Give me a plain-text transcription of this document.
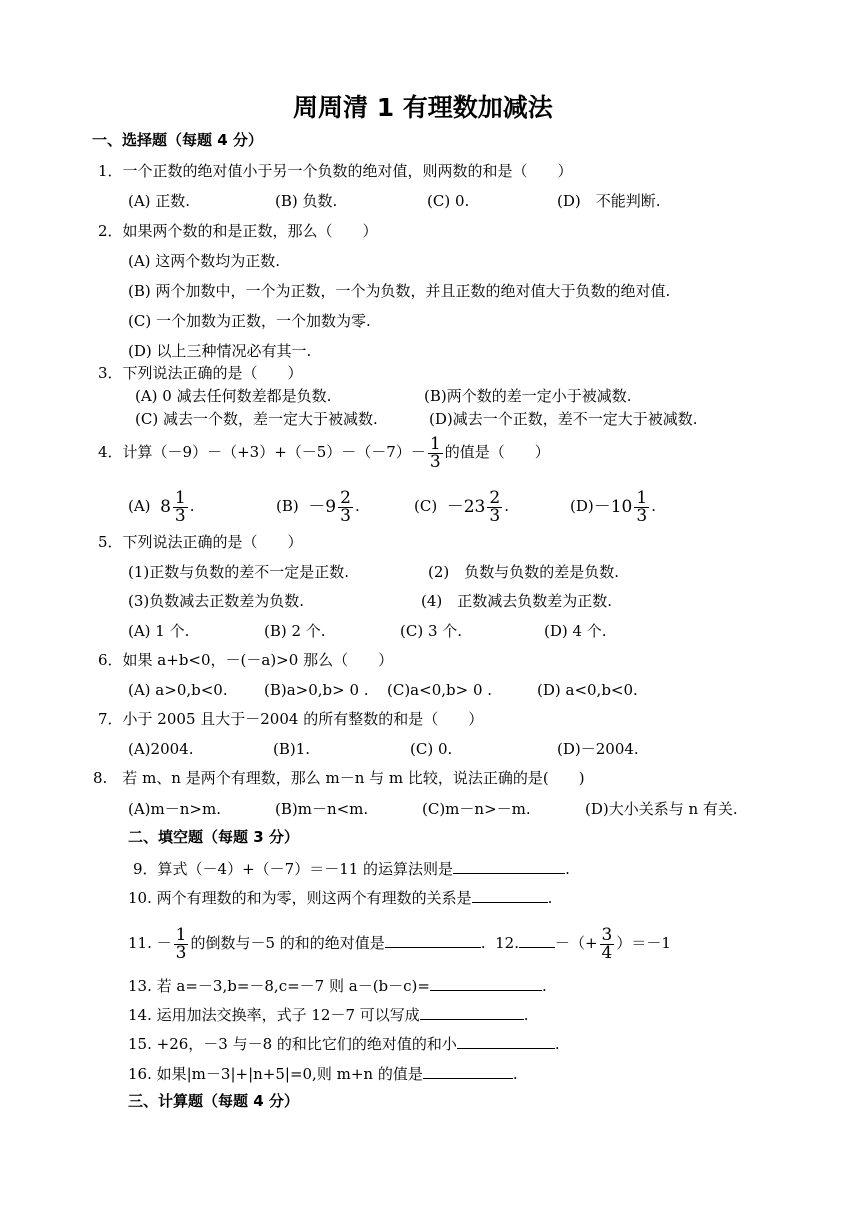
周周清 1 有理数加减法
一、选择题（每题 4 分）
1．一个正数的绝对值小于另一个负数的绝对值，则两数的和是（　　）
(A) 正数.	(B) 负数.	(C) 0.	(D)　不能判断.
2．如果两个数的和是正数，那么（　　）
(A) 这两个数均为正数.
(B) 两个加数中，一个为正数，一个为负数，并且正数的绝对值大于负数的绝对值.
(C) 一个加数为正数，一个加数为零.
(D) 以上三种情况必有其一.
3．下列说法正确的是（　　）
(A) 0 减去任何数差都是负数.	(B)两个数的差一定小于被减数.
(C) 减去一个数，差一定大于被减数.	(D)减去一个正数，差不一定大于被减数.
4．计算$(-9)-(+3)+(-5)-(-7)- \frac{1}{3}$ 的值是（　　）
(A) $8 \frac{1}{3}$ .	$(B) -9 \frac{2}{3}$ .	$(C) -23 \frac{2}{3}$ .	$(D)-10 \frac{1}{3}$ .
5．下列说法正确的是（　　）
(1)正数与负数的差不一定是正数.	(2)　负数与负数的差是负数.
(3)负数减去正数差为负数.	(4)　正数减去负数差为正数.
(A) 1 个.	(B) 2 个.	(C) 3 个.	(D) 4 个.
6．如果 a+b<0，－(－a)>0 那么（　　）
(A) a>0,b<0. (B)a>0,b> 0 . (C)a<0,b> 0 .	(D) a<0,b<0.
7．小于 2005 且大于－2004 的所有整数的和是（　　）
(A)2004.	(B)1.	(C) 0.	(D)－2004.
8.　若 m、n 是两个有理数，那么 m－n 与 m 比较，说法正确的是(　　)
(A)m－n>m.	(B)m－n<m.	(C)m－n>－m.	(D)大小关系与 n 有关.
二、填空题（每题 3 分）
9．算式（－4）+（－7）＝－11 的运算法则是	.
10. 两个有理数的和为零，则这两个有理数的关系是	.
11. － $\frac{1}{3}$ 的倒数与－5 的和的绝对值是	. 12. －（+ $\frac{3}{4} )=-1$
13. 若 a=－3,b=－8,c=－7 则 a－(b－c)=	.
14. 运用加法交换率，式子 12－7 可以写成	.
15. +26，－3 与－8 的和比它们的绝对值的和小	.
16. 如果|m－3|+|n+5|=0,则 m+n 的值是	.
三、计算题（每题 4 分）
